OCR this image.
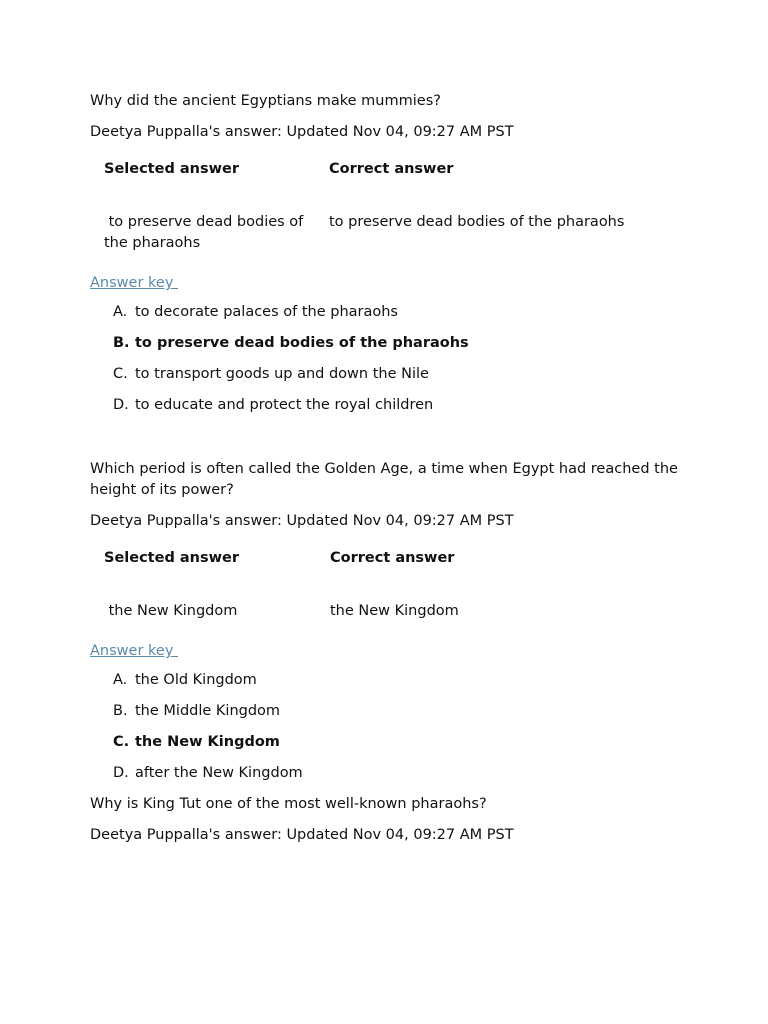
Why did the ancient Egyptians make mummies?

Deetya Puppalla's answer: Updated Nov 04, 09:27 AM PST

Selected answer	Correct answer

to preserve dead bodies of the pharaohs	to preserve dead bodies of the pharaohs
Answer key
A. to decorate palaces of the pharaohs
B. to preserve dead bodies of the pharaohs
C. to transport goods up and down the Nile
D. to educate and protect the royal children

Which period is often called the Golden Age, a time when Egypt had reached the height of its power?

Deetya Puppalla's answer: Updated Nov 04, 09:27 AM PST

Selected answer	Correct answer

the New Kingdom	the New Kingdom
Answer key
A. the Old Kingdom
B. the Middle Kingdom
C. the New Kingdom
D. after the New Kingdom

Why is King Tut one of the most well-known pharaohs?

Deetya Puppalla's answer: Updated Nov 04, 09:27 AM PST
